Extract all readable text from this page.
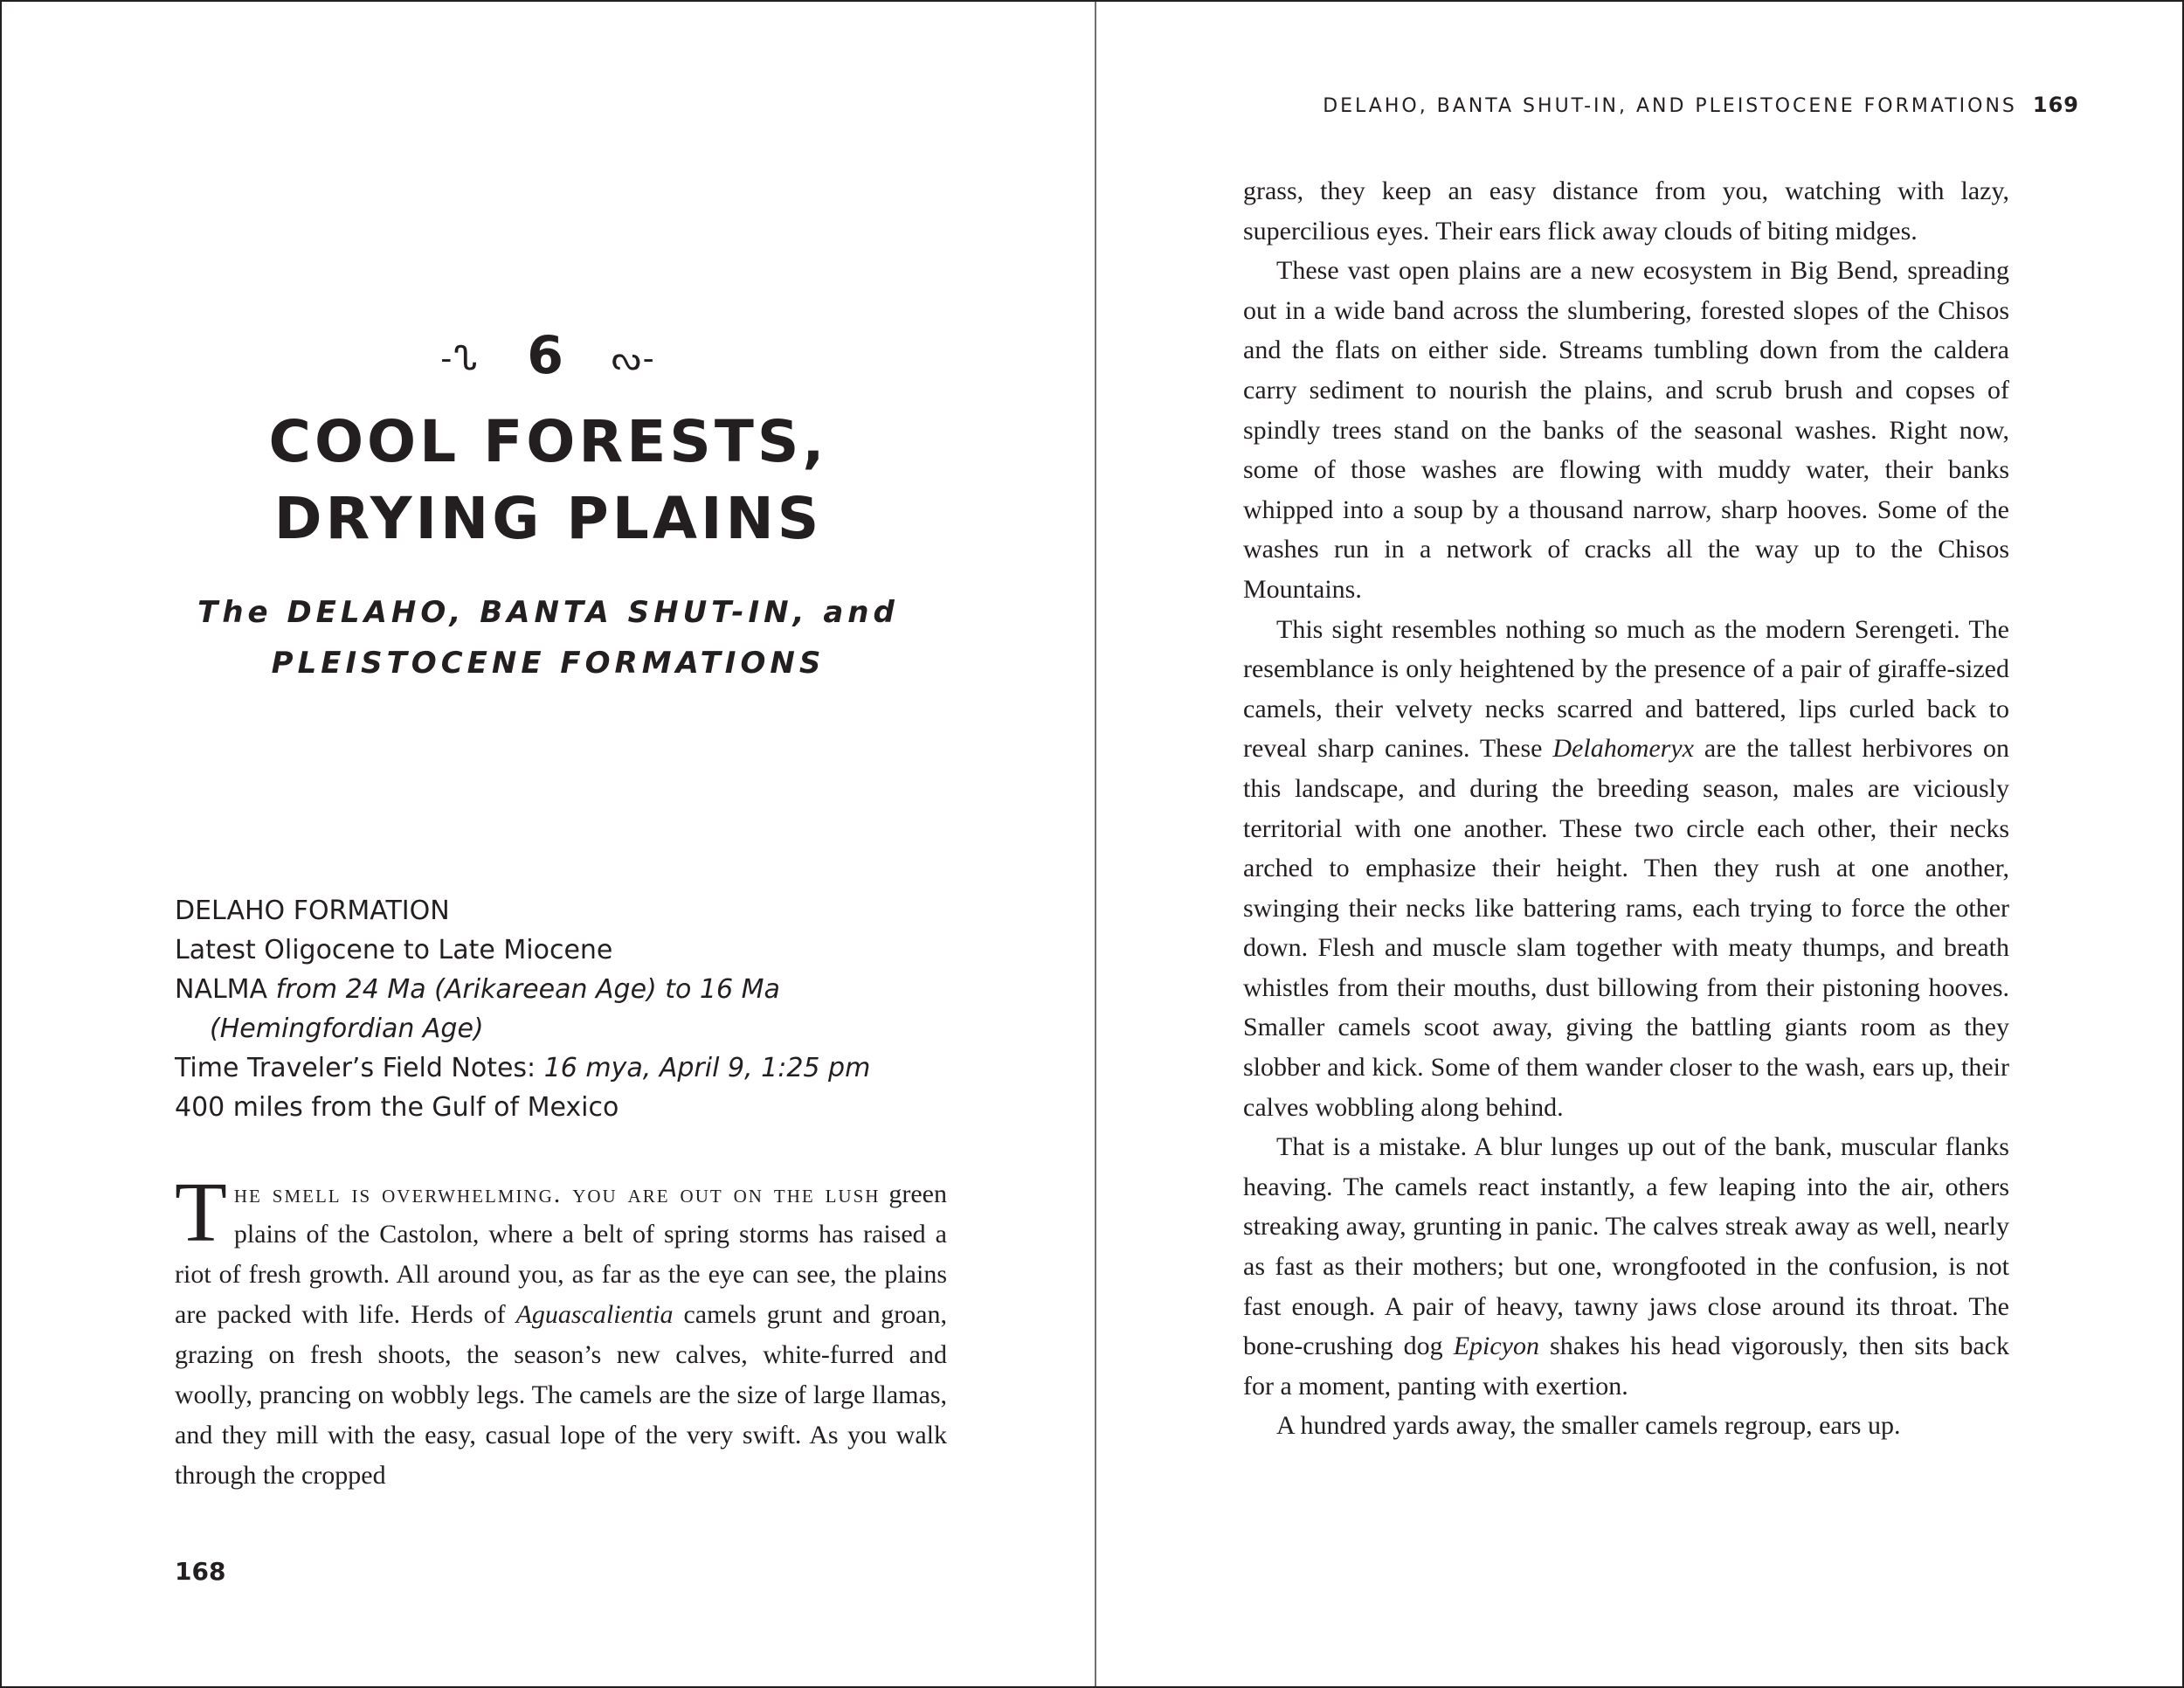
-ᔐ 6 ᔓ-
COOL FORESTS,
DRYING PLAINS
The DELAHO, BANTA SHUT-IN, and
PLEISTOCENE FORMATIONS
DELAHO FORMATION
Latest Oligocene to Late Miocene
NALMA from 24 Ma (Arikareean Age) to 16 Ma
(Hemingfordian Age)
Time Traveler’s Field Notes: 16 mya, April 9, 1:25 pm
400 miles from the Gulf of Mexico

The smell is overwhelming. you are out on the lush green plains of the Castolon, where a belt of spring storms has raised a riot of fresh growth. All around you, as far as the eye can see, the plains are packed with life. Herds of Aguascalientia camels grunt and groan, grazing on fresh shoots, the season’s new calves, white-furred and woolly, prancing on wobbly legs. The camels are the size of large llamas, and they mill with the easy, casual lope of the very swift. As you walk through the cropped

168
DELAHO, BANTA SHUT-IN, AND PLEISTOCENE FORMATIONS 169

grass, they keep an easy distance from you, watching with lazy, supercilious eyes. Their ears flick away clouds of biting midges.

These vast open plains are a new ecosystem in Big Bend, spreading out in a wide band across the slumbering, forested slopes of the Chisos and the flats on either side. Streams tumbling down from the caldera carry sediment to nourish the plains, and scrub brush and copses of spindly trees stand on the banks of the seasonal washes. Right now, some of those washes are flowing with muddy water, their banks whipped into a soup by a thousand narrow, sharp hooves. Some of the washes run in a network of cracks all the way up to the Chisos Mountains.

This sight resembles nothing so much as the modern Serengeti. The resemblance is only heightened by the presence of a pair of giraffe-sized camels, their velvety necks scarred and battered, lips curled back to reveal sharp canines. These Delahomeryx are the tallest herbivores on this landscape, and during the breeding season, males are viciously territorial with one another. These two circle each other, their necks arched to emphasize their height. Then they rush at one another, swinging their necks like battering rams, each trying to force the other down. Flesh and muscle slam together with meaty thumps, and breath whistles from their mouths, dust billowing from their pistoning hooves. Smaller camels scoot away, giving the battling giants room as they slobber and kick. Some of them wander closer to the wash, ears up, their calves wobbling along behind.

That is a mistake. A blur lunges up out of the bank, muscular flanks heaving. The camels react instantly, a few leaping into the air, others streaking away, grunting in panic. The calves streak away as well, nearly as fast as their mothers; but one, wrongfooted in the confusion, is not fast enough. A pair of heavy, tawny jaws close around its throat. The bone-crushing dog Epicyon shakes his head vigorously, then sits back for a moment, panting with exertion.

A hundred yards away, the smaller camels regroup, ears up.
